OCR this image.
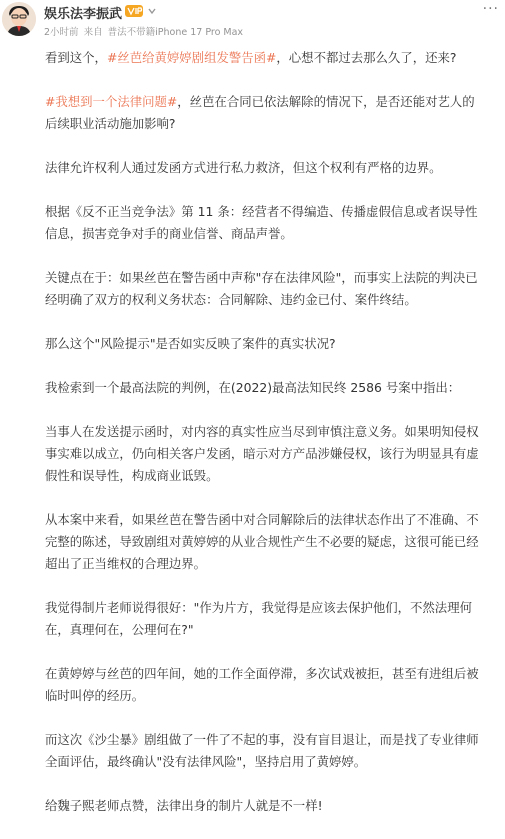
娱乐法李振武	···
2小时前 来自 普法不带籍iPhone 17 Pro Max

看到这个，#丝芭给黄婷婷剧组发警告函#，心想不都过去那么久了，还来?

#我想到一个法律问题#，丝芭在合同已依法解除的情况下，是否还能对艺人的后续职业活动施加影响?

法律允许权利人通过发函方式进行私力救济，但这个权利有严格的边界。

根据《反不正当竞争法》第 11 条：经营者不得编造、传播虚假信息或者误导性信息，损害竞争对手的商业信誉、商品声誉。

关键点在于：如果丝芭在警告函中声称"存在法律风险"，而事实上法院的判决已经明确了双方的权利义务状态：合同解除、违约金已付、案件终结。

那么这个"风险提示"是否如实反映了案件的真实状况?

我检索到一个最高法院的判例，在(2022)最高法知民终 2586 号案中指出：

当事人在发送提示函时，对内容的真实性应当尽到审慎注意义务。如果明知侵权事实难以成立，仍向相关客户发函，暗示对方产品涉嫌侵权，该行为明显具有虚假性和误导性，构成商业诋毁。

从本案中来看，如果丝芭在警告函中对合同解除后的法律状态作出了不准确、不完整的陈述，导致剧组对黄婷婷的从业合规性产生不必要的疑虑，这很可能已经超出了正当维权的合理边界。

我觉得制片老师说得很好："作为片方，我觉得是应该去保护他们，不然法理何在，真理何在，公理何在?"

在黄婷婷与丝芭的四年间，她的工作全面停滞，多次试戏被拒，甚至有进组后被临时叫停的经历。

而这次《沙尘暴》剧组做了一件了不起的事，没有盲目退让，而是找了专业律师全面评估，最终确认"没有法律风险"，坚持启用了黄婷婷。

给魏子熙老师点赞，法律出身的制片人就是不一样!
